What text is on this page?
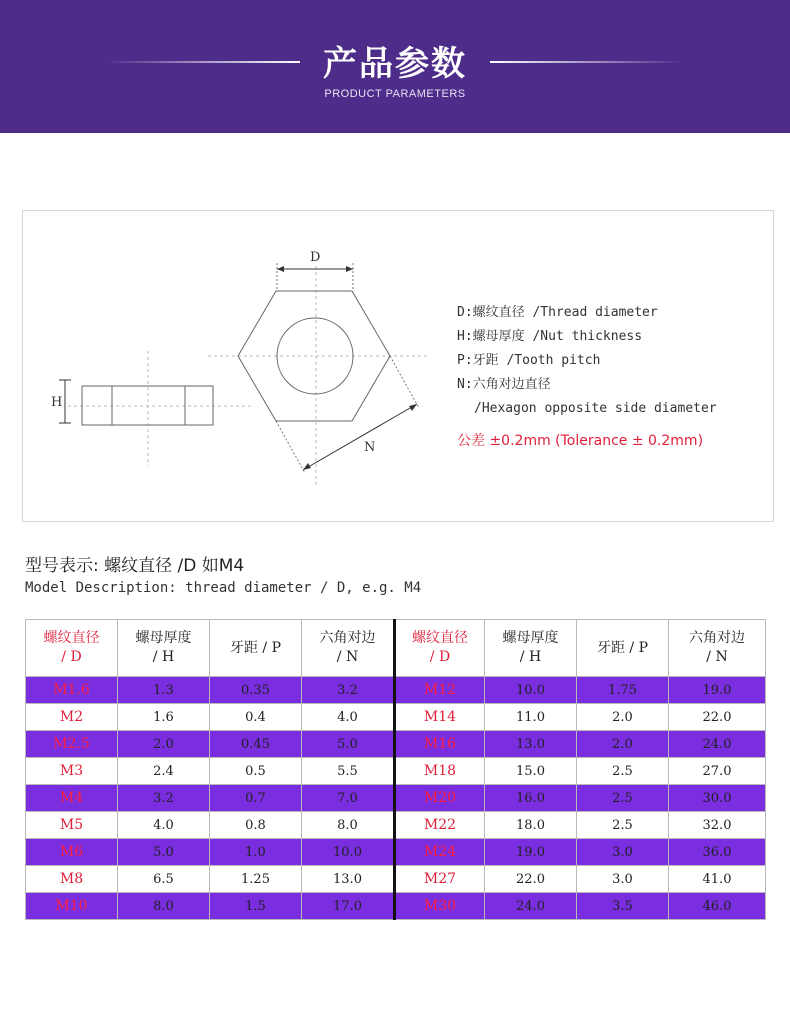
产品参数
PRODUCT PARAMETERS
H
D
N
D:螺纹直径 /Thread diameter
H:螺母厚度 /Nut thickness
P:牙距 /Tooth pitch
N:六角对边直径
/Hexagon opposite side diameter
公差 ±0.2mm (Tolerance ± 0.2mm)
型号表示: 螺纹直径 /D 如M4
Model Description: thread diameter / D, e.g. M4
螺纹直径
/ D	螺母厚度
/ H	牙距 / P	六角对边
/ N	螺纹直径
/ D	螺母厚度
/ H	牙距 / P	六角对边
/ N
M1.6	1.3	0.35	3.2	M12	10.0	1.75	19.0
M2	1.6	0.4	4.0	M14	11.0	2.0	22.0
M2.5	2.0	0.45	5.0	M16	13.0	2.0	24.0
M3	2.4	0.5	5.5	M18	15.0	2.5	27.0
M4	3.2	0.7	7.0	M20	16.0	2.5	30.0
M5	4.0	0.8	8.0	M22	18.0	2.5	32.0
M6	5.0	1.0	10.0	M24	19.0	3.0	36.0
M8	6.5	1.25	13.0	M27	22.0	3.0	41.0
M10	8.0	1.5	17.0	M30	24.0	3.5	46.0
